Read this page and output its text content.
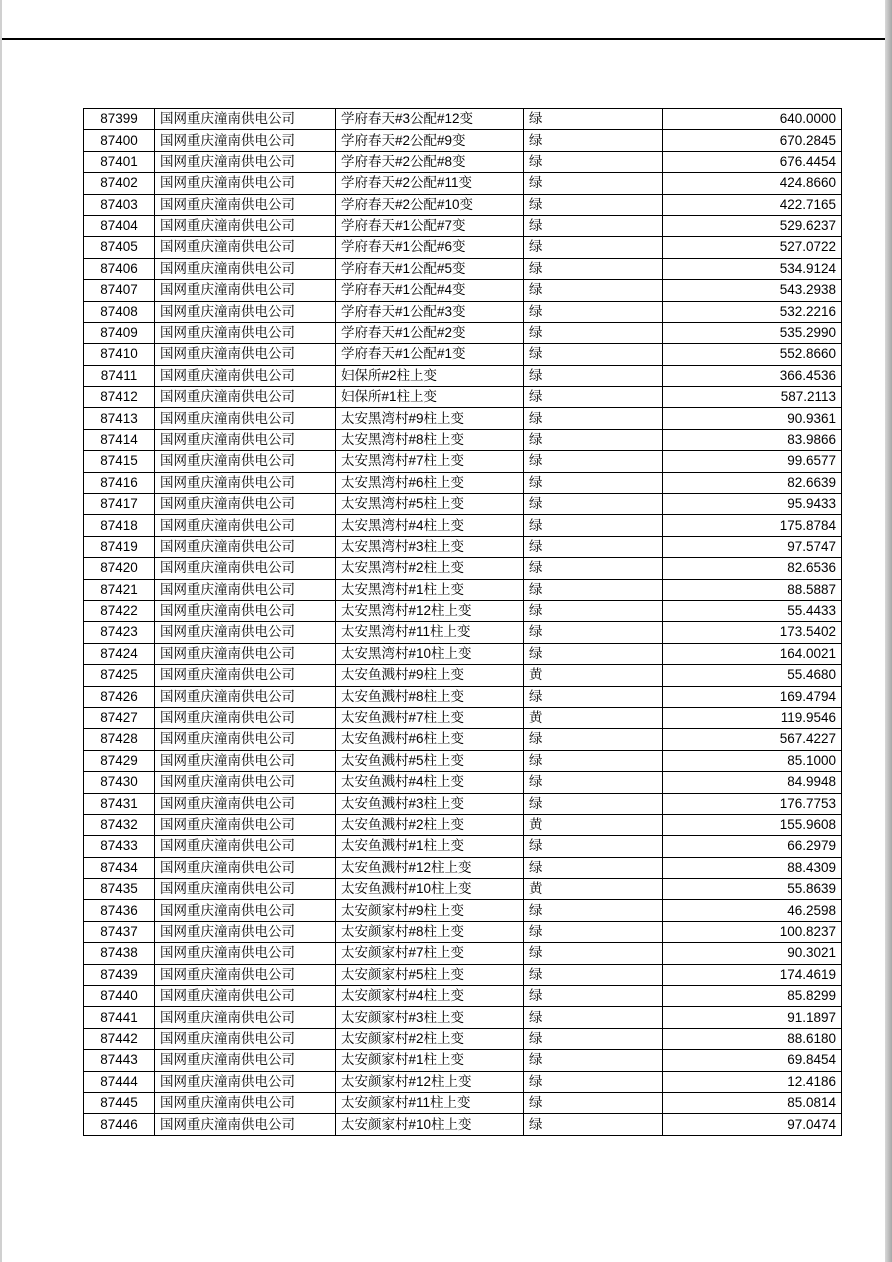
87399	国网重庆潼南供电公司	学府春天#3公配#12变	绿	640.0000
87400	国网重庆潼南供电公司	学府春天#2公配#9变	绿	670.2845
87401	国网重庆潼南供电公司	学府春天#2公配#8变	绿	676.4454
87402	国网重庆潼南供电公司	学府春天#2公配#11变	绿	424.8660
87403	国网重庆潼南供电公司	学府春天#2公配#10变	绿	422.7165
87404	国网重庆潼南供电公司	学府春天#1公配#7变	绿	529.6237
87405	国网重庆潼南供电公司	学府春天#1公配#6变	绿	527.0722
87406	国网重庆潼南供电公司	学府春天#1公配#5变	绿	534.9124
87407	国网重庆潼南供电公司	学府春天#1公配#4变	绿	543.2938
87408	国网重庆潼南供电公司	学府春天#1公配#3变	绿	532.2216
87409	国网重庆潼南供电公司	学府春天#1公配#2变	绿	535.2990
87410	国网重庆潼南供电公司	学府春天#1公配#1变	绿	552.8660
87411	国网重庆潼南供电公司	妇保所#2柱上变	绿	366.4536
87412	国网重庆潼南供电公司	妇保所#1柱上变	绿	587.2113
87413	国网重庆潼南供电公司	太安黑湾村#9柱上变	绿	90.9361
87414	国网重庆潼南供电公司	太安黑湾村#8柱上变	绿	83.9866
87415	国网重庆潼南供电公司	太安黑湾村#7柱上变	绿	99.6577
87416	国网重庆潼南供电公司	太安黑湾村#6柱上变	绿	82.6639
87417	国网重庆潼南供电公司	太安黑湾村#5柱上变	绿	95.9433
87418	国网重庆潼南供电公司	太安黑湾村#4柱上变	绿	175.8784
87419	国网重庆潼南供电公司	太安黑湾村#3柱上变	绿	97.5747
87420	国网重庆潼南供电公司	太安黑湾村#2柱上变	绿	82.6536
87421	国网重庆潼南供电公司	太安黑湾村#1柱上变	绿	88.5887
87422	国网重庆潼南供电公司	太安黑湾村#12柱上变	绿	55.4433
87423	国网重庆潼南供电公司	太安黑湾村#11柱上变	绿	173.5402
87424	国网重庆潼南供电公司	太安黑湾村#10柱上变	绿	164.0021
87425	国网重庆潼南供电公司	太安鱼溅村#9柱上变	黄	55.4680
87426	国网重庆潼南供电公司	太安鱼溅村#8柱上变	绿	169.4794
87427	国网重庆潼南供电公司	太安鱼溅村#7柱上变	黄	119.9546
87428	国网重庆潼南供电公司	太安鱼溅村#6柱上变	绿	567.4227
87429	国网重庆潼南供电公司	太安鱼溅村#5柱上变	绿	85.1000
87430	国网重庆潼南供电公司	太安鱼溅村#4柱上变	绿	84.9948
87431	国网重庆潼南供电公司	太安鱼溅村#3柱上变	绿	176.7753
87432	国网重庆潼南供电公司	太安鱼溅村#2柱上变	黄	155.9608
87433	国网重庆潼南供电公司	太安鱼溅村#1柱上变	绿	66.2979
87434	国网重庆潼南供电公司	太安鱼溅村#12柱上变	绿	88.4309
87435	国网重庆潼南供电公司	太安鱼溅村#10柱上变	黄	55.8639
87436	国网重庆潼南供电公司	太安颜家村#9柱上变	绿	46.2598
87437	国网重庆潼南供电公司	太安颜家村#8柱上变	绿	100.8237
87438	国网重庆潼南供电公司	太安颜家村#7柱上变	绿	90.3021
87439	国网重庆潼南供电公司	太安颜家村#5柱上变	绿	174.4619
87440	国网重庆潼南供电公司	太安颜家村#4柱上变	绿	85.8299
87441	国网重庆潼南供电公司	太安颜家村#3柱上变	绿	91.1897
87442	国网重庆潼南供电公司	太安颜家村#2柱上变	绿	88.6180
87443	国网重庆潼南供电公司	太安颜家村#1柱上变	绿	69.8454
87444	国网重庆潼南供电公司	太安颜家村#12柱上变	绿	12.4186
87445	国网重庆潼南供电公司	太安颜家村#11柱上变	绿	85.0814
87446	国网重庆潼南供电公司	太安颜家村#10柱上变	绿	97.0474
